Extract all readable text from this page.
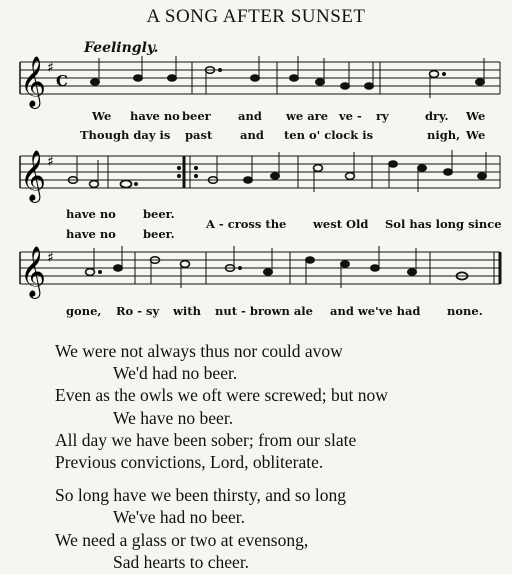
A SONG AFTER SUNSET
Feelingly.
𝄞 ♯
C
We have no beer and we are ve - ry	dry. We
Though day is past and ten o' clock is	nigh, We
𝄞 ♯
have no beer.
A - cross the west Old Sol has long since
have no beer.
𝄞 ♯
gone, Ro - sy with nut - brown ale and we've had none.
We were not always thus nor could avow
We'd had no beer.
Even as the owls we oft were screwed; but now
We have no beer.
All day we have been sober; from our slate
Previous convictions, Lord, obliterate.
So long have we been thirsty, and so long
We've had no beer.
We need a glass or two at evensong,
Sad hearts to cheer.
